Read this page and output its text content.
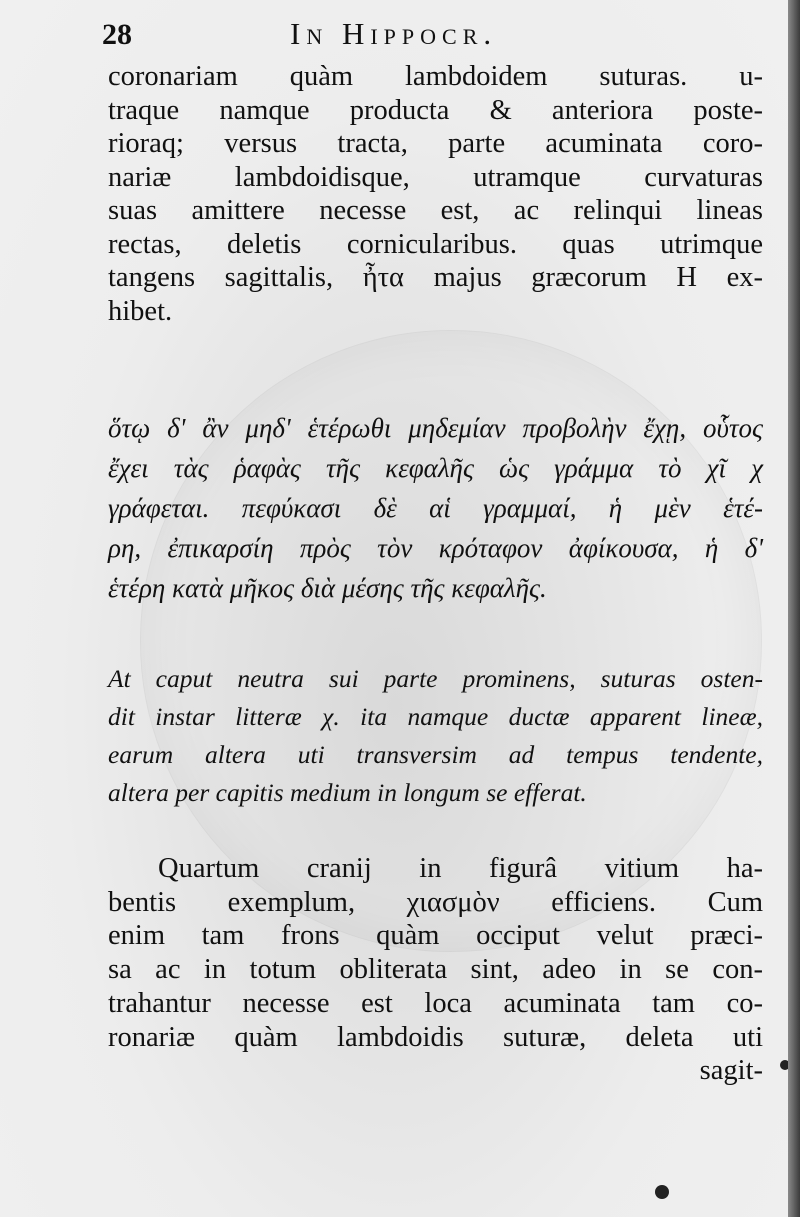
28	In Hippocr.
coronariam quàm lambdoidem suturas. u-
traque namque producta & anteriora poste-
rioraq; versus tracta, parte acuminata coro-
nariæ lambdoidisque, utramque curvaturas
suas amittere necesse est, ac relinqui lineas
rectas, deletis cornicularibus. quas utrimque
tangens sagittalis, ἦτα majus græcorum H ex-
hibet.
ὅτῳ δ' ἂν μηδ' ἑτέρωθι μηδεμίαν προβολὴν ἔχῃ, οὗτος
ἔχει τὰς ῥαφὰς τῆς κεφαλῆς ὡς γράμμα τὸ χῖ χ
γράφεται. πεφύκασι δὲ αἱ γραμμαί, ἡ μὲν ἑτέ-
ρη, ἐπικαρσίη πρὸς τὸν κρόταφον ἀφίκουσα, ἡ δ'
ἑτέρη κατὰ μῆκος διὰ μέσης τῆς κεφαλῆς.
At caput neutra sui parte prominens, suturas osten-
dit instar litteræ χ. ita namque ductæ apparent lineæ,
earum altera uti transversim ad tempus tendente,
altera per capitis medium in longum se efferat.
Quartum cranij in figurâ vitium ha-
bentis exemplum, χιασμὸν efficiens. Cum
enim tam frons quàm occiput velut præci-
sa ac in totum obliterata sint, adeo in se con-
trahantur necesse est loca acuminata tam co-
ronariæ quàm lambdoidis suturæ, deleta uti
sagit-
